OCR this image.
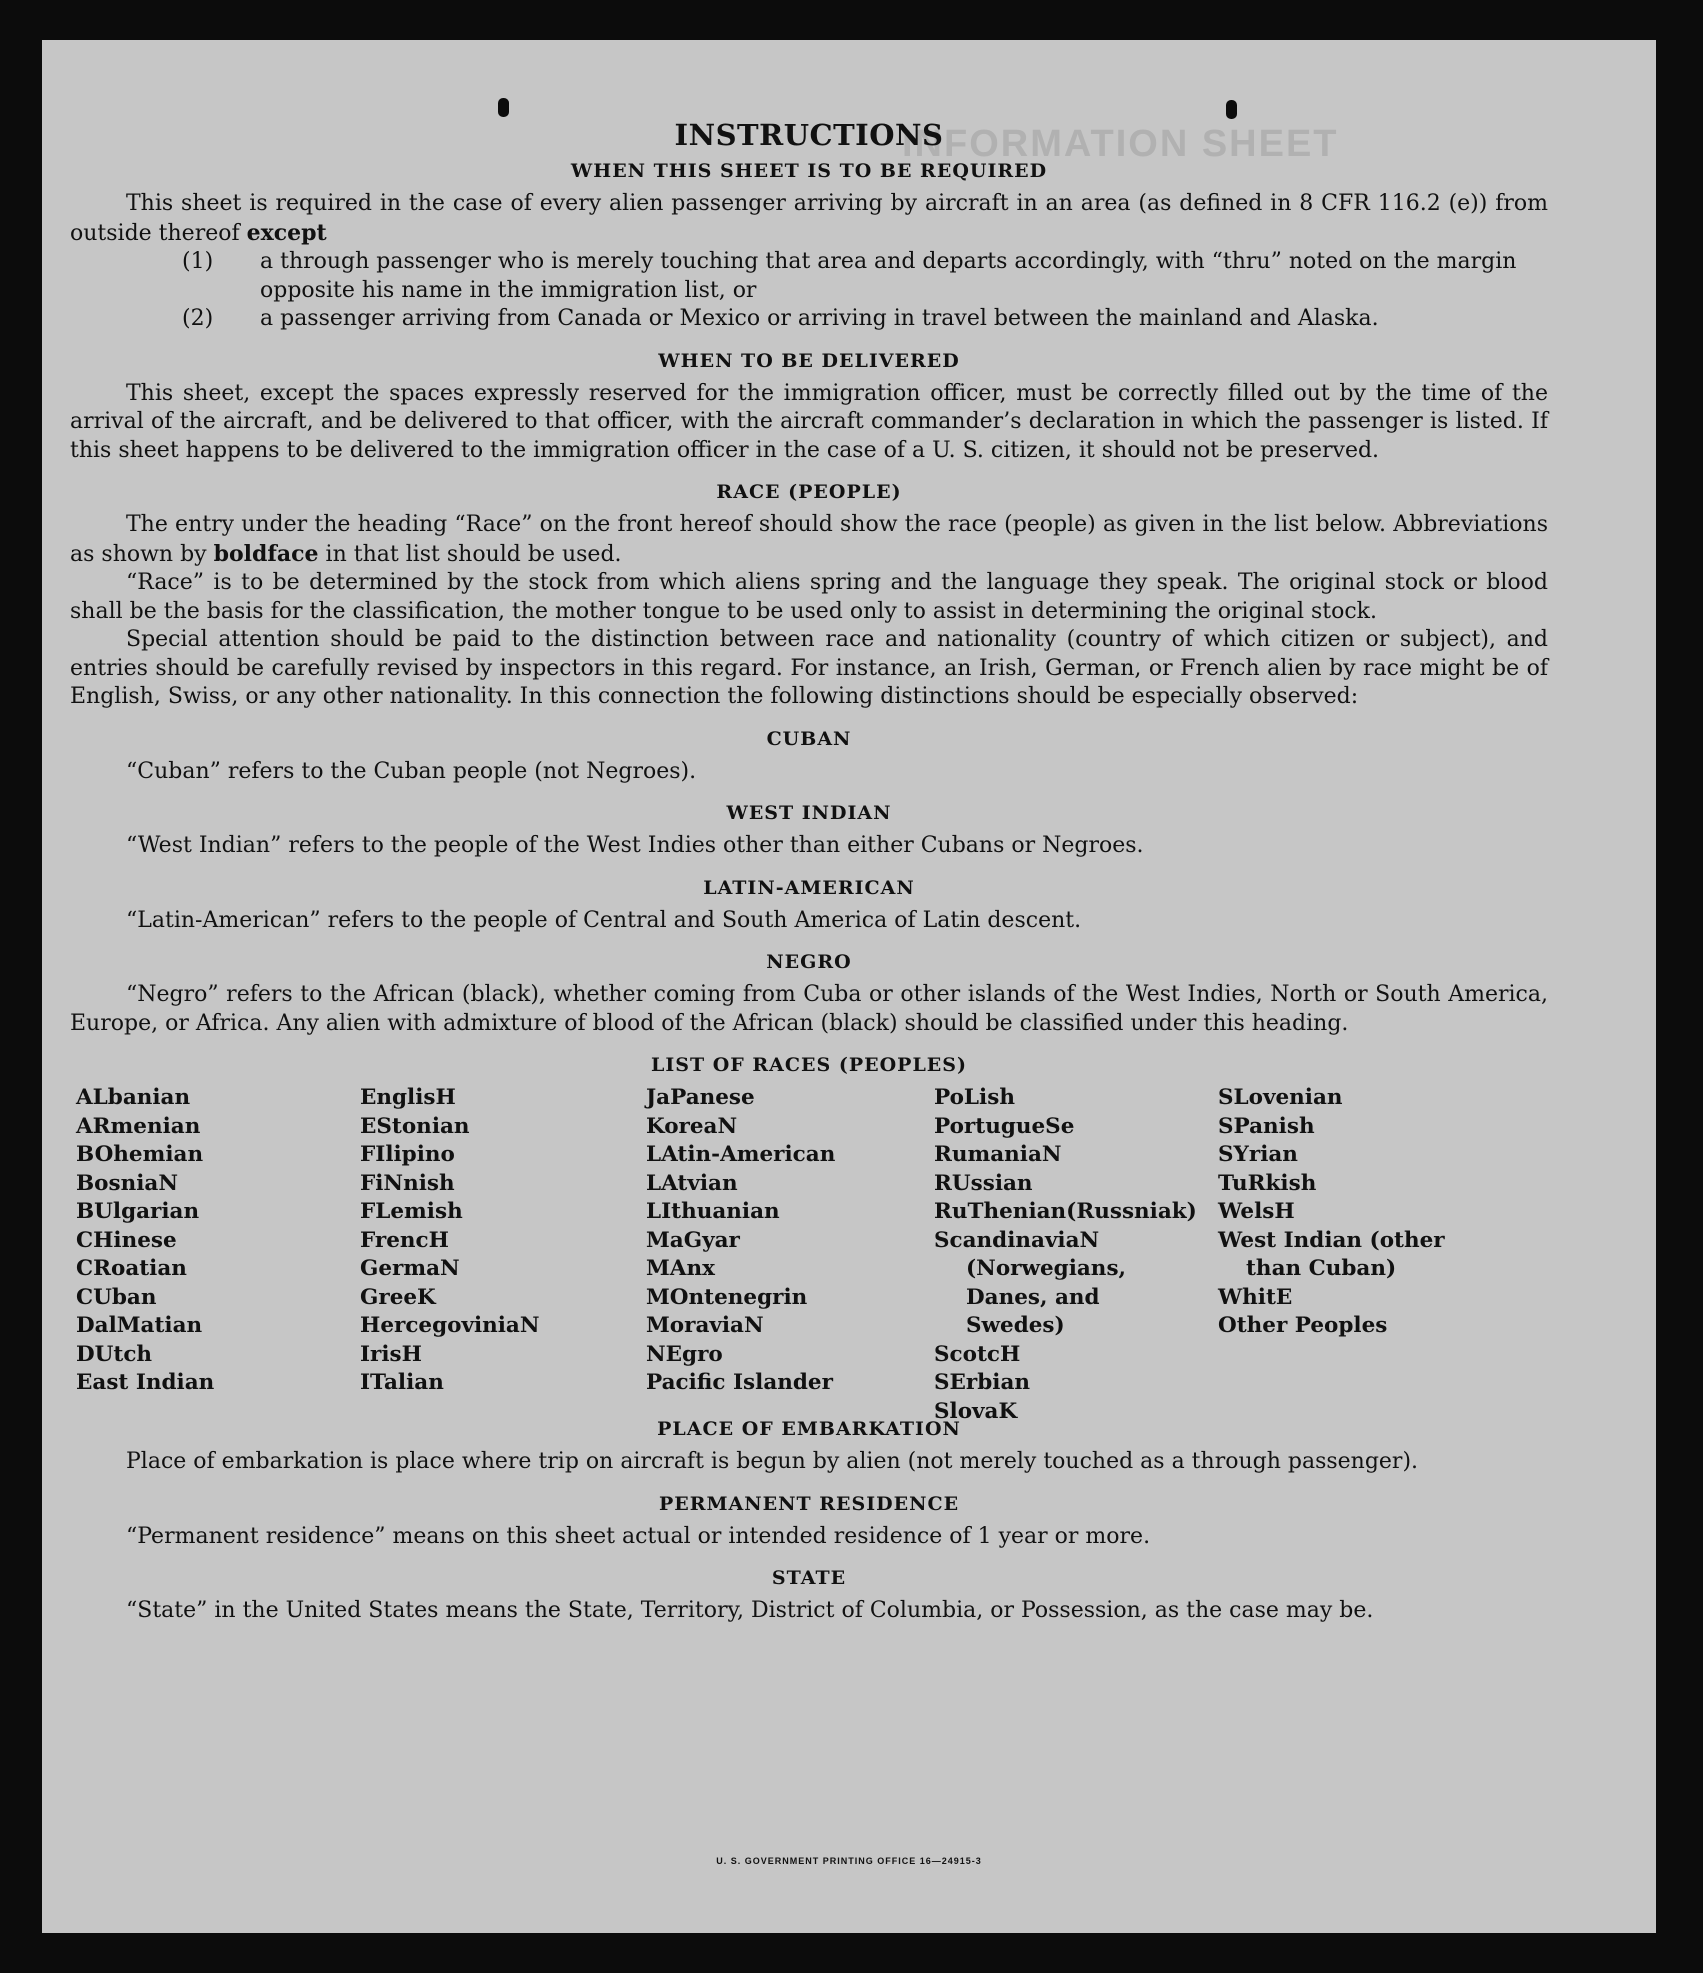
INFORMATION SHEET
INSTRUCTIONS
WHEN THIS SHEET IS TO BE REQUIRED

This sheet is required in the case of every alien passenger arriving by aircraft in an area (as defined in 8 CFR 116.2 (e)) from outside thereof except

(1) a through passenger who is merely touching that area and departs accordingly, with “thru” noted on the margin opposite his name in the immigration list, or
(2) a passenger arriving from Canada or Mexico or arriving in travel between the mainland and Alaska.
WHEN TO BE DELIVERED

This sheet, except the spaces expressly reserved for the immigration officer, must be correctly filled out by the time of the arrival of the aircraft, and be delivered to that officer, with the aircraft commander’s declaration in which the passenger is listed. If this sheet happens to be delivered to the immigration officer in the case of a U. S. citizen, it should not be preserved.

RACE (PEOPLE)

The entry under the heading “Race” on the front hereof should show the race (people) as given in the list below. Abbreviations as shown by boldface in that list should be used.

“Race” is to be determined by the stock from which aliens spring and the language they speak. The original stock or blood shall be the basis for the classification, the mother tongue to be used only to assist in determining the original stock.

Special attention should be paid to the distinction between race and nationality (country of which citizen or subject), and entries should be carefully revised by inspectors in this regard. For instance, an Irish, German, or French alien by race might be of English, Swiss, or any other nationality. In this connection the following distinctions should be especially observed:

CUBAN

“Cuban” refers to the Cuban people (not Negroes).

WEST INDIAN

“West Indian” refers to the people of the West Indies other than either Cubans or Negroes.

LATIN-AMERICAN

“Latin-American” refers to the people of Central and South America of Latin descent.

NEGRO

“Negro” refers to the African (black), whether coming from Cuba or other islands of the West Indies, North or South America, Europe, or Africa. Any alien with admixture of blood of the African (black) should be classified under this heading.

LIST OF RACES (PEOPLES)
ALbanian
ARmenian
BOhemian
BosniaN
BUlgarian
CHinese
CRoatian
CUban
DalMatian
DUtch
East Indian
EnglisH
EStonian
FIlipino
FiNnish
FLemish
FrencH
GermaN
GreeK
HercegoviniaN
IrisH
ITalian
JaPanese
KoreaN
LAtin-American
LAtvian
LIthuanian
MaGyar
MAnx
MOntenegrin
MoraviaN
NEgro
Pacific Islander
PoLish
PortugueSe
RumaniaN
RUssian
RuThenian(Russniak)
ScandinaviaN (Norwegians, Danes, and Swedes)
ScotcH
SErbian
SlovaK
SLovenian
SPanish
SYrian
TuRkish
WelsH
West Indian (other than Cuban)
WhitE
Other Peoples
PLACE OF EMBARKATION

Place of embarkation is place where trip on aircraft is begun by alien (not merely touched as a through passenger).

PERMANENT RESIDENCE

“Permanent residence” means on this sheet actual or intended residence of 1 year or more.

STATE

“State” in the United States means the State, Territory, District of Columbia, or Possession, as the case may be.

U. S. GOVERNMENT PRINTING OFFICE 16—24915-3
